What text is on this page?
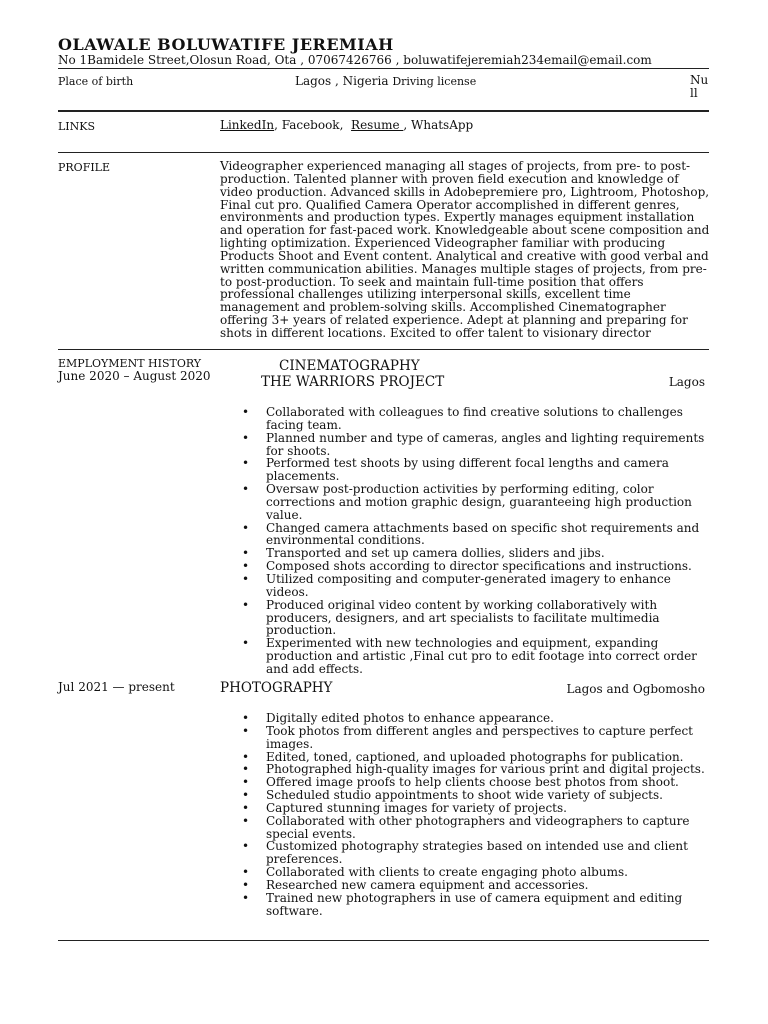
OLAWALE BOLUWATIFE JEREMIAH
No 1Bamidele Street,Olosun Road, Ota , 07067426766 , boluwatifejeremiah234email@email.com
Place of birth	Lagos , Nigeria Driving license	Nu
ll
LINKS	LinkedIn, Facebook, Resume , WhatsApp
PROFILE	Videographer experienced managing all stages of projects, from pre- to post-production. Talented planner with proven field execution and knowledge of video production. Advanced skills in Adobepremiere pro, Lightroom, Photoshop, Final cut pro. Qualified Camera Operator accomplished in different genres, environments and production types. Expertly manages equipment installation and operation for fast-paced work. Knowledgeable about scene composition and lighting optimization. Experienced Videographer familiar with producing Products Shoot and Event content. Analytical and creative with good verbal and written communication abilities. Manages multiple stages of projects, from pre- to post-production. To seek and maintain full-time position that offers professional challenges utilizing interpersonal skills, excellent time management and problem-solving skills. Accomplished Cinematographer offering 3+ years of related experience. Adept at planning and preparing for shots in different locations. Excited to offer talent to visionary director
EMPLOYMENT HISTORY
June 2020 – August 2020
CINEMATOGRAPHY
THE WARRIORS PROJECT	Lagos
• Collaborated with colleagues to find creative solutions to challenges facing team.
• Planned number and type of cameras, angles and lighting requirements for shoots.
• Performed test shoots by using different focal lengths and camera placements.
• Oversaw post-production activities by performing editing, color corrections and motion graphic design, guaranteeing high production value.
• Changed camera attachments based on specific shot requirements and environmental conditions.
• Transported and set up camera dollies, sliders and jibs.
• Composed shots according to director specifications and instructions.
• Utilized compositing and computer-generated imagery to enhance videos.
• Produced original video content by working collaboratively with producers, designers, and art specialists to facilitate multimedia production.
• Experimented with new technologies and equipment, expanding production and artistic ,Final cut pro to edit footage into correct order and add effects.
Jul 2021 — present	PHOTOGRAPHY	Lagos and Ogbomosho
• Digitally edited photos to enhance appearance.
• Took photos from different angles and perspectives to capture perfect images.
• Edited, toned, captioned, and uploaded photographs for publication.
• Photographed high-quality images for various print and digital projects.
• Offered image proofs to help clients choose best photos from shoot.
• Scheduled studio appointments to shoot wide variety of subjects.
• Captured stunning images for variety of projects.
• Collaborated with other photographers and videographers to capture special events.
• Customized photography strategies based on intended use and client preferences.
• Collaborated with clients to create engaging photo albums.
• Researched new camera equipment and accessories.
• Trained new photographers in use of camera equipment and editing software.
